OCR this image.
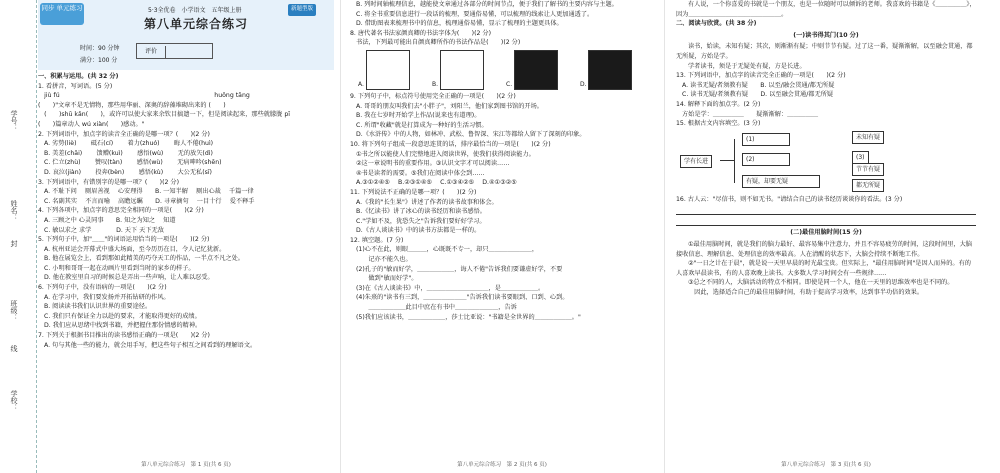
学号：
姓名：
封
班级：
线
学校：
同步 单元练习	5·3全优卷　小学语文　五年级上册	新题型版
第八单元综合练习
时间：90 分钟
满分：100 分
评价
一、积累与运用。(共 32 分)

1. 看拼音，写词语。(5 分)

　jiù fú　　　　　　　　　　　　　　　　　　　　　　　　　huǒng tāng

(　　)"文章不是无情物，那些用华丽、深奥的辞藻堆砌出来的 (　　)

　(　　)shū kǎn(　　)，或许可以使大家来余钦目搞遗一下，但是阅读起来，那些就朦胧 pī

(　　)篇章动人 wú xiàn(　　)感动。"

2. 下列词语中，加点字的读音全正确的是哪一项？(　　)(2 分)

A. 劣势(liè)　　 砥石(cí)　　 着力(zhuó)　　 晦人不倦(huì)

B. 美差(chāi)　　 馈赠(kuì)　　 感悟(wù)　　 无的放矢(dì)

C. 伫立(zhù)　　 赞叹(tàn)　　 感悟(wù)　　 无病呻吟(shēn)

D. 哀泣(jiàn)　　 投奔(bèn)　　 感悟(kù)　　 大公无私(sī)

3. 下列词语中，有错别字的是哪一项？(　　)(2 分)

A. 不耻下问　 厕眉善视　 心安理得　　B. 一知半解　 厕出心裁　 千篇一律

C. 名副其实　 不言而喻　 高瞻远瞩　　D. 寻章摘句　 一目十行　 爱不释手

4. 下列各项中，加点字的意思完全相同的一项是(　　)(2 分)

A. 三顾之中 心灵同事　　B. 知之为知之　 知道

C. 敏以求之 求学　　　　D. 天下 天下无敌

5. 下列句子中，加"＿＿"的词语运用恰当的一项是(　　)(2 分)

A. 杭州亚运会开幕式中盛大场面，至今历历在目，令人记忆犹新。

B. 他在展览会上，看到那如此精美的巧夺天工的作品，一半点不凡之处。

C. 小明和哥哥一起在动画片里看到当时的家乡的样子。

D. 他在教室里自习的时候总是弄出一些声响，让人难以忍受。

6. 下列句子中，没有语病的一项是(　　)(2 分)

A. 在学习中，我们要发扬并开拓钻研的作风。

B. 阅读读书我们认识世界的重要途径。

C. 我们只有保证全力以赴的要求，才能取得更好的成绩。

D. 我们应从思绪中找到书籍，并把握住那份情感的精神。

7. 下列关于根据书目推出的读书感悟正确的一项是(　　)(2 分)

A. 句与其他一些的能力，就会用手写，把这些句子相互之间看到的理解语文。

第八单元综合练习　第 1 页(共 6 页)

B. 列时间轴梳理信息，越能使文章通过各部分的时间节点，便于我们了解书的主要内容与主题。

C. 将全书重要信息进行一段话的梳理，要通俗易懂，可以梳理的线索让人更加通透了。

D. 借助图表来梳理书中的信息，梳理通俗易懂，显示了梳理的主题更具体。

8. 唐代著名书法家颜真卿的书法字体为(　　)(2 分)

　书法，下列最可能出自颜真卿所作的书法作品是(　　)(2 分)

A.	B.	C.	D.

9. 下列句子中，标点符号使用完全正确的一项是(　　)(2 分)

A. 哥哥的朋友叫我们去"小胖子"，刘阳兰，他们家到图书馆的开场。

B. 我在七岁时开始学上作品(说来也有道理)。

C. 所谓"收藏"就是打算成为一种好的生活习惯。

D.《水浒传》中的人物，如林冲、武松、鲁智深、宋江等都给人留下了深刻的印象。

10. 将下列句子组成一段意思连贯的话，排序最恰当的一项是(　　)(2 分)

①书之所以能使人们完整地进入阅读世界，使我们获得阅读能力。

②这一章说明书的重要作用。③认识文字才可以阅读……

④书是读者的需要。⑤我们在阅读中体会到……

A.③①②④⑤　 B.②③①④⑤　 C.①③④②⑤　 D.④①③②⑤

11. 下列说法不正确的是哪一项？(　　)(2 分)

A.《我的"长生果"》讲述了作者的读书故事和体会。

B.《忆读书》讲了冰心的读书经历和读书感悟。

C."学如不及，犹恐失之"告诉我们要好好学习。

D.《古人谈读书》中的读书方法都是一样的。

12. 填空题。(7 分)

(1)心不在此，则眼＿＿＿，心既既不专一，却只＿＿＿＿＿＿＿，

　　记亦不能久也。

(2)孔子的"敏而好学，＿＿＿＿＿＿，诲人不倦"告诉我们要谦虚好学，不要

　　做到"敏而好学"。

(3)在《古人谈读书》中，＿＿＿＿＿＿＿＿＿＿，是＿＿＿＿＿＿。

(4)朱熹的"读书有三到，＿＿＿＿＿＿＿"告诉我们读书要眼到、口到、心到。

　　＿＿＿＿＿＿此目中庶在有书中＿＿＿＿＿＿＿，告诉

(5)我们应该读书，＿＿＿＿＿＿，莎士比亚说："书籍是全世界的＿＿＿＿＿＿。"

第八单元综合练习　第 2 页(共 6 页)

有人说，一个你喜爱的书就是一个朋友，也是一位随时可以倾诉的老师。我喜欢的书籍是《＿＿＿＿＿》，因为＿＿＿＿＿＿＿＿＿＿＿＿＿＿＿。

二、阅读与欣赏。(共 38 分)
(一)读书得其门(10 分)

读书，始读，未知有疑；其次，则渐渐有疑；中则节节有疑。过了这一番，疑渐渐解，以至融会贯通，都无所疑，方始是学。

学者读书，须是于无疑处有疑，方是长进。

13. 下列词语中，加点字的读音完全正确的一项是(　　)(2 分)

A. 读书无疑/者须教有疑　　B. 以至/融会贯通/都无所疑

C. 读书无疑/者须教有疑　　D. 以至融会贯通/都无所疑

14. 解释下面的加点字。(2 分)

方始是学：＿＿＿＿＿　　疑渐渐解：＿＿＿＿＿

15. 根据古文内容填空。(3 分)

学有长进
(1)
(2)
有疑，却要无疑
未知有疑
(3)
节节有疑
都无所疑

16. 古人云："尽信书，则不如无书。"请结合自己的读书经历谈谈你的看法。(3 分)

(二)最佳用脑时间(15 分)

①最佳用脑时间，就是我们的脑力最好、最容易集中注意力，并且不容易疲劳的时间，这段时间里，大脑接收信息、理解信息、处理信息的效率最高。人在清醒的状态下，大脑会持续不断地工作。

②"一日之计在于晨"，就是说一天里早晨的时光最宝贵。但实际上，"最佳用脑时间"是因人而异的。有的人喜欢早晨读书，有的人喜欢晚上读书。大多数人学习时间会有一些规律……

③总之不同的人，大脑活动的特点不相同。即使是同一个人，他在一天里的思维效率也是不同的。

　因此，选择适合自己的最佳用脑时间，有助于提高学习效率，达到事半功倍的效果。

第八单元综合练习　第 3 页(共 6 页)
